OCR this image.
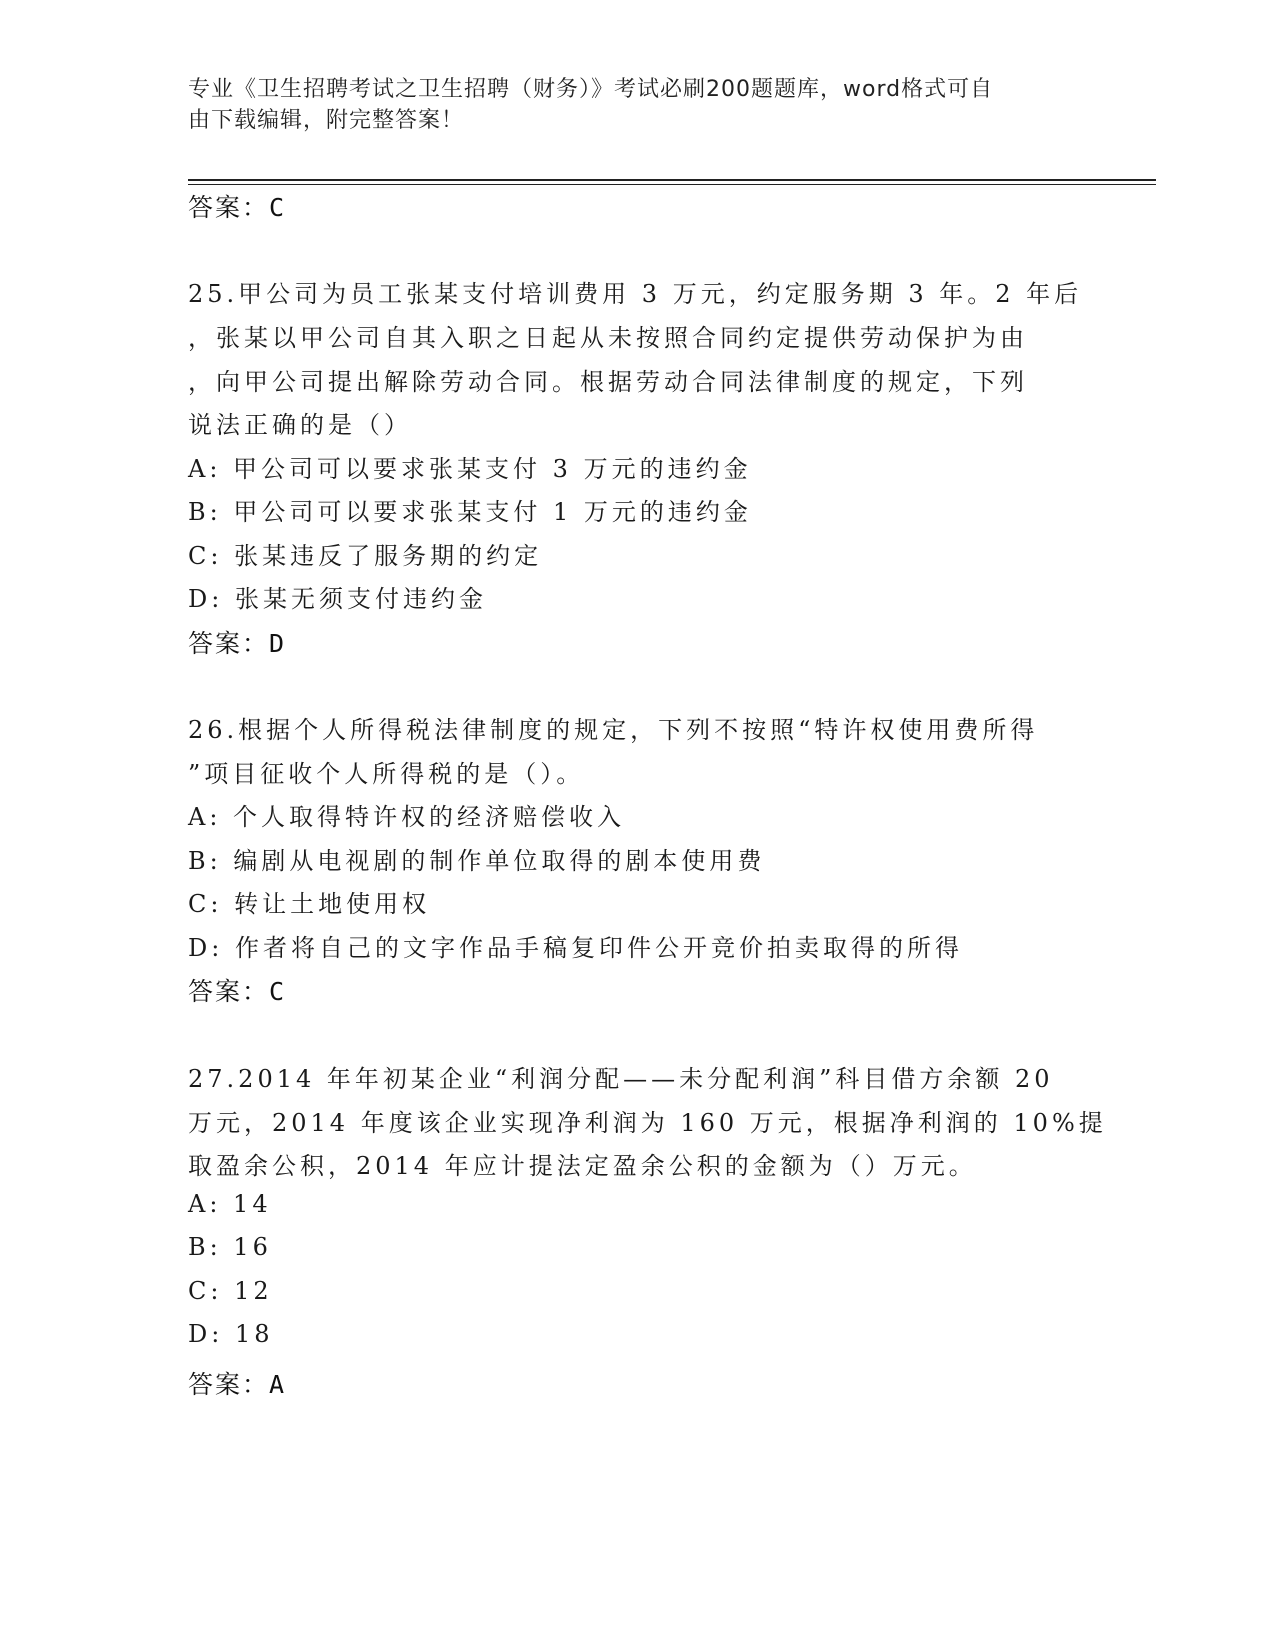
专业《卫生招聘考试之卫生招聘（财务）》考试必刷200题题库，word格式可自
由下载编辑，附完整答案！
答案：C
25.甲公司为员工张某支付培训费用 3 万元，约定服务期 3 年。2 年后
，张某以甲公司自其入职之日起从未按照合同约定提供劳动保护为由
，向甲公司提出解除劳动合同。根据劳动合同法律制度的规定，下列
说法正确的是（）
A: 甲公司可以要求张某支付 3 万元的违约金
B: 甲公司可以要求张某支付 1 万元的违约金
C: 张某违反了服务期的约定
D: 张某无须支付违约金
答案：D
26.根据个人所得税法律制度的规定，下列不按照“特许权使用费所得
”项目征收个人所得税的是（）。
A: 个人取得特许权的经济赔偿收入
B: 编剧从电视剧的制作单位取得的剧本使用费
C: 转让土地使用权
D: 作者将自己的文字作品手稿复印件公开竞价拍卖取得的所得
答案：C
27.2014 年年初某企业“利润分配——未分配利润”科目借方余额 20
万元，2014 年度该企业实现净利润为 160 万元，根据净利润的 10%提
取盈余公积，2014 年应计提法定盈余公积的金额为（）万元。
A: 14
B: 16
C: 12
D: 18
答案：A
